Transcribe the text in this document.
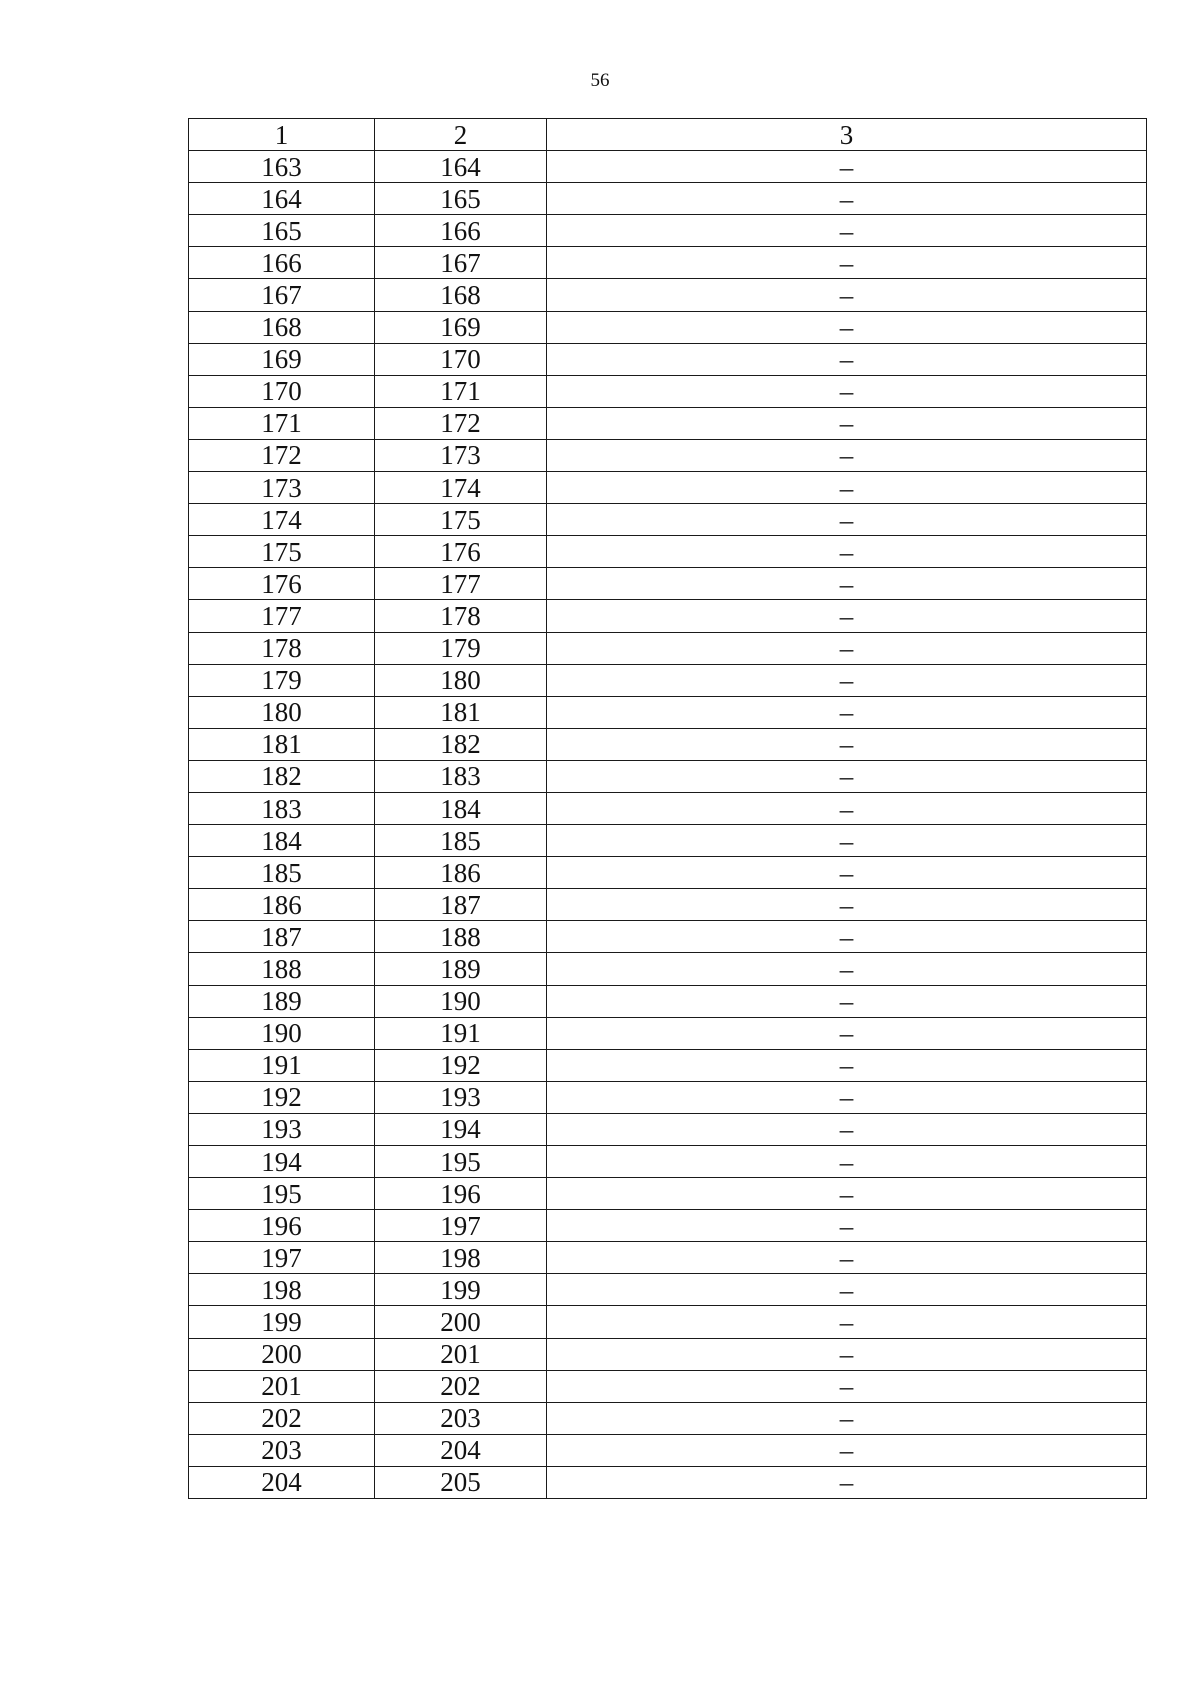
56
1	2	3
163	164	–
164	165	–
165	166	–
166	167	–
167	168	–
168	169	–
169	170	–
170	171	–
171	172	–
172	173	–
173	174	–
174	175	–
175	176	–
176	177	–
177	178	–
178	179	–
179	180	–
180	181	–
181	182	–
182	183	–
183	184	–
184	185	–
185	186	–
186	187	–
187	188	–
188	189	–
189	190	–
190	191	–
191	192	–
192	193	–
193	194	–
194	195	–
195	196	–
196	197	–
197	198	–
198	199	–
199	200	–
200	201	–
201	202	–
202	203	–
203	204	–
204	205	–
